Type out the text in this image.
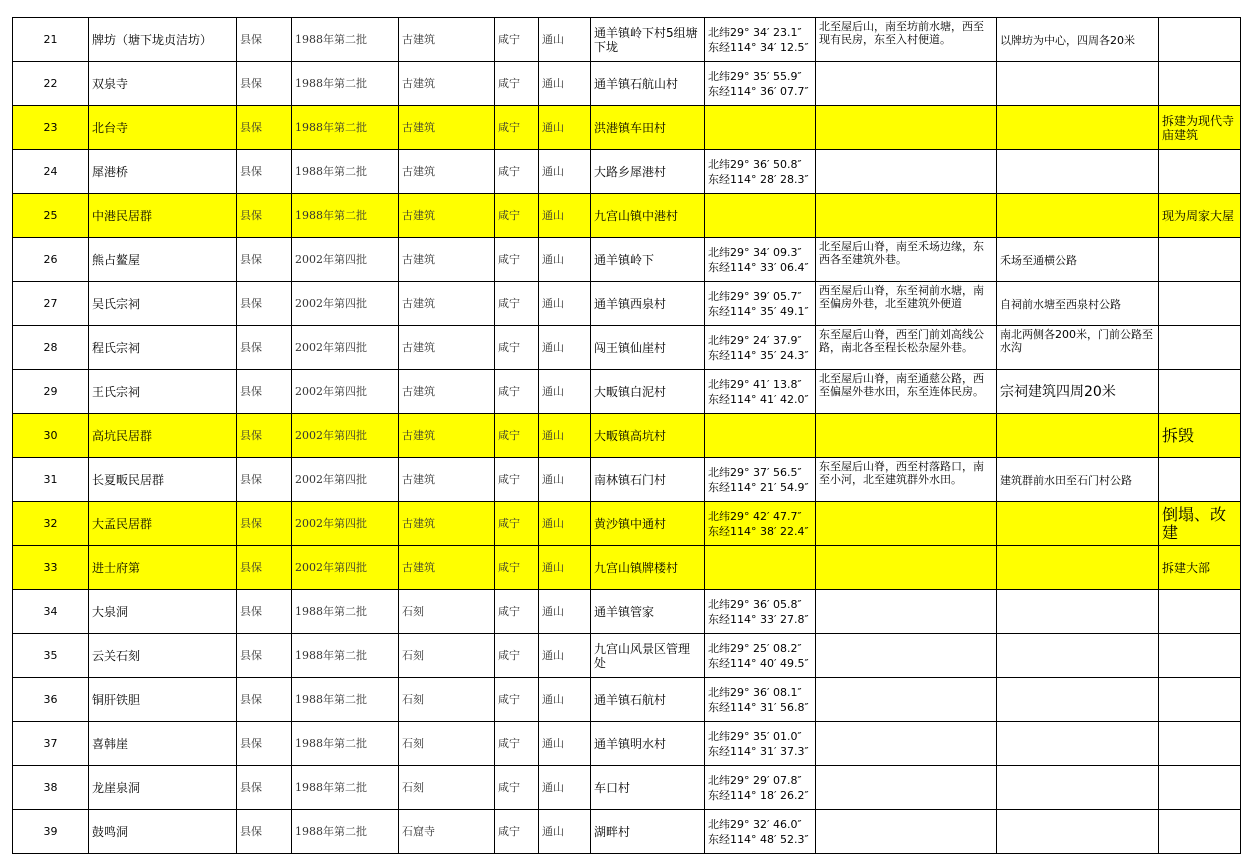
21	牌坊（塘下垅贞洁坊）	县保	1988年第二批	古建筑	咸宁	通山	通羊镇岭下村5组塘下垅	北纬29° 34′ 23.1″
东经114° 34′ 12.5″	北至屋后山，南至坊前水塘，西至现有民房，东至入村便道。	以牌坊为中心，四周各20米	
22	双泉寺	县保	1988年第二批	古建筑	咸宁	通山	通羊镇石航山村	北纬29° 35′ 55.9″
东经114° 36′ 07.7″			

23	北台寺	县保	1988年第二批	古建筑	咸宁	通山	洪港镇车田村				拆建为现代寺庙建筑
24	犀港桥	县保	1988年第二批	古建筑	咸宁	通山	大路乡犀港村	北纬29° 36′ 50.8″
东经114° 28′ 28.3″			

25	中港民居群	县保	1988年第二批	古建筑	咸宁	通山	九宫山镇中港村				现为周家大屋
26	熊占鳌屋	县保	2002年第四批	古建筑	咸宁	通山	通羊镇岭下	北纬29° 34′ 09.3″
东经114° 33′ 06.4″	北至屋后山脊，南至禾场边缘，东西各至建筑外巷。	禾场至通横公路	
27	吴氏宗祠	县保	2002年第四批	古建筑	咸宁	通山	通羊镇西泉村	北纬29° 39′ 05.7″
东经114° 35′ 49.1″	西至屋后山脊，东至祠前水塘，南至偏房外巷，北至建筑外便道	自祠前水塘至西泉村公路	
28	程氏宗祠	县保	2002年第四批	古建筑	咸宁	通山	闯王镇仙崖村	北纬29° 24′ 37.9″
东经114° 35′ 24.3″	东至屋后山脊，西至门前刘高线公路，南北各至程长松杂屋外巷。	南北两侧各200米，门前公路至水沟	
29	王氏宗祠	县保	2002年第四批	古建筑	咸宁	通山	大畈镇白泥村	北纬29° 41′ 13.8″
东经114° 41′ 42.0″	北至屋后山脊，南至通慈公路，西至偏屋外巷水田，东至连体民房。	宗祠建筑四周20米	
30	高坑民居群	县保	2002年第四批	古建筑	咸宁	通山	大畈镇高坑村				拆毁
31	长夏畈民居群	县保	2002年第四批	古建筑	咸宁	通山	南林镇石门村	北纬29° 37′ 56.5″
东经114° 21′ 54.9″	东至屋后山脊，西至村落路口，南至小河，北至建筑群外水田。	建筑群前水田至石门村公路	
32	大孟民居群	县保	2002年第四批	古建筑	咸宁	通山	黄沙镇中通村	北纬29° 42′ 47.7″
东经114° 38′ 22.4″			倒塌、改建
33	进士府第	县保	2002年第四批	古建筑	咸宁	通山	九宫山镇牌楼村				拆建大部
34	大泉洞	县保	1988年第二批	石刻	咸宁	通山	通羊镇管家	北纬29° 36′ 05.8″
东经114° 33′ 27.8″			

35	云关石刻	县保	1988年第二批	石刻	咸宁	通山	九宫山风景区管理处	北纬29° 25′ 08.2″
东经114° 40′ 49.5″			

36	铜肝铁胆	县保	1988年第二批	石刻	咸宁	通山	通羊镇石航村	北纬29° 36′ 08.1″
东经114° 31′ 56.8″			

37	喜韩崖	县保	1988年第二批	石刻	咸宁	通山	通羊镇明水村	北纬29° 35′ 01.0″
东经114° 31′ 37.3″			

38	龙崖泉洞	县保	1988年第二批	石刻	咸宁	通山	车口村	北纬29° 29′ 07.8″
东经114° 18′ 26.2″			

39	鼓鸣洞	县保	1988年第二批	石窟寺	咸宁	通山	湖畔村	北纬29° 32′ 46.0″
东经114° 48′ 52.3″			
